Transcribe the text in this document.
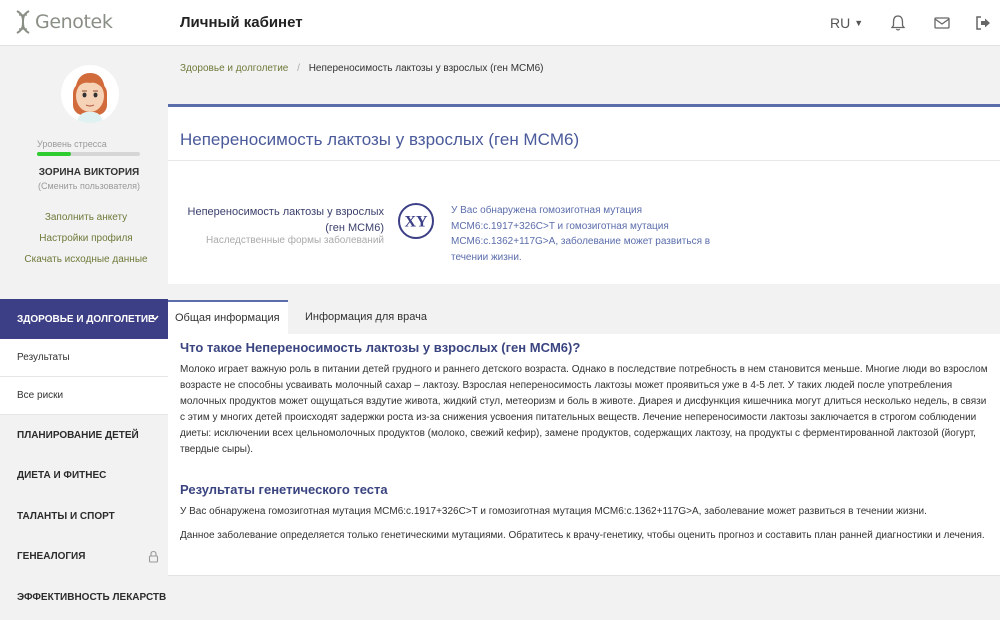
Genotek	Личный кабинет	RU ▼
Уровень стресса
ЗОРИНА ВИКТОРИЯ
(Сменить пользователя)
Заполнить анкету
Настройки профиля
Скачать исходные данные
ЗДОРОВЬЕ И ДОЛГОЛЕТИЕ
Результаты
Все риски
ПЛАНИРОВАНИЕ ДЕТЕЙ
ДИЕТА И ФИТНЕС
ТАЛАНТЫ И СПОРТ
ГЕНЕАЛОГИЯ
ЭФФЕКТИВНОСТЬ ЛЕКАРСТВ
Здоровье и долголетие / Непереносимость лактозы у взрослых (ген MCM6)
Непереносимость лактозы у взрослых (ген MCM6)
Непереносимость лактозы у взрослых (ген MCM6)
Наследственные формы заболеваний
XY
У Вас обнаружена гомозиготная мутация MCM6:c.1917+326C>T и гомозиготная мутация MCM6:c.1362+117G>A, заболевание может развиться в течении жизни.
Общая информация	Информация для врача
Что такое Непереносимость лактозы у взрослых (ген MCM6)?
Молоко играет важную роль в питании детей грудного и раннего детского возраста. Однако в последствие потребность в нем становится меньше. Многие люди во взрослом возрасте не способны усваивать молочный сахар – лактозу. Взрослая непереносимость лактозы может проявиться уже в 4-5 лет. У таких людей после употребления молочных продуктов может ощущаться вздутие живота, жидкий стул, метеоризм и боль в животе. Диарея и дисфункция кишечника могут длиться несколько недель, в связи с этим у многих детей происходят задержки роста из-за снижения усвоения питательных веществ. Лечение непереносимости лактозы заключается в строгом соблюдении диеты: исключении всех цельномолочных продуктов (молоко, свежий кефир), замене продуктов, содержащих лактозу, на продукты с ферментированной лактозой (йогурт, твердые сыры).
Результаты генетического теста
У Вас обнаружена гомозиготная мутация MCM6:c.1917+326C>T и гомозиготная мутация MCM6:c.1362+117G>A, заболевание может развиться в течении жизни.
Данное заболевание определяется только генетическими мутациями. Обратитесь к врачу-генетику, чтобы оценить прогноз и составить план ранней диагностики и лечения.
